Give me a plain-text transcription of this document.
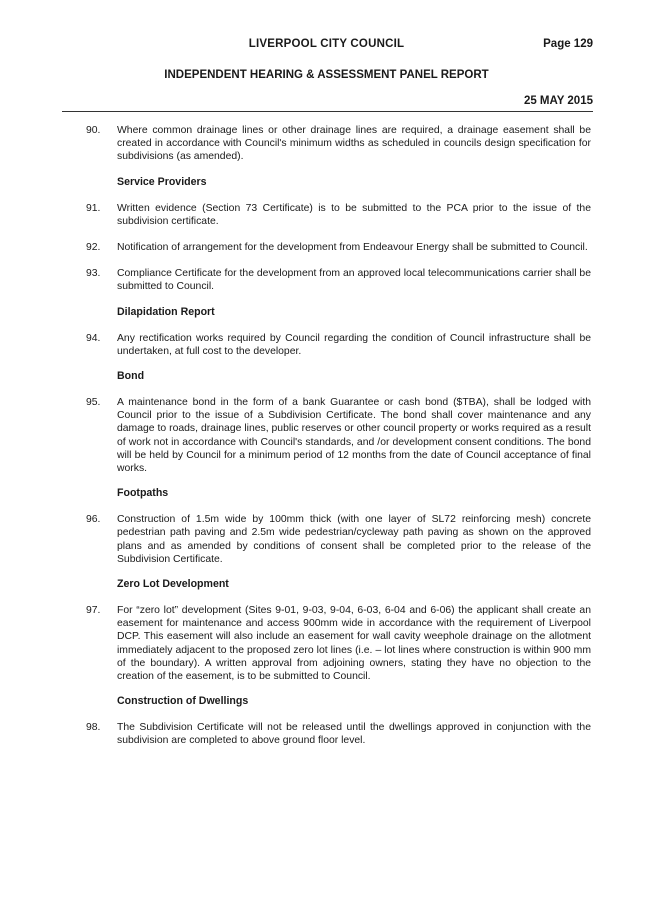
LIVERPOOL CITY COUNCIL	Page 129
INDEPENDENT HEARING & ASSESSMENT PANEL REPORT
25 MAY 2015
90. Where common drainage lines or other drainage lines are required, a drainage easement shall be created in accordance with Council's minimum widths as scheduled in councils design specification for subdivisions (as amended).
Service Providers
91. Written evidence (Section 73 Certificate) is to be submitted to the PCA prior to the issue of the subdivision certificate.
92. Notification of arrangement for the development from Endeavour Energy shall be submitted to Council.
93. Compliance Certificate for the development from an approved local telecommunications carrier shall be submitted to Council.
Dilapidation Report
94. Any rectification works required by Council regarding the condition of Council infrastructure shall be undertaken, at full cost to the developer.
Bond
95. A maintenance bond in the form of a bank Guarantee or cash bond ($TBA), shall be lodged with Council prior to the issue of a Subdivision Certificate. The bond shall cover maintenance and any damage to roads, drainage lines, public reserves or other council property or works required as a result of work not in accordance with Council's standards, and /or development consent conditions. The bond will be held by Council for a minimum period of 12 months from the date of Council acceptance of final works.
Footpaths
96. Construction of 1.5m wide by 100mm thick (with one layer of SL72 reinforcing mesh) concrete pedestrian path paving and 2.5m wide pedestrian/cycleway path paving as shown on the approved plans and as amended by conditions of consent shall be completed prior to the release of the Subdivision Certificate.
Zero Lot Development
97. For “zero lot” development (Sites 9-01, 9-03, 9-04, 6-03, 6-04 and 6-06) the applicant shall create an easement for maintenance and access 900mm wide in accordance with the requirement of Liverpool DCP. This easement will also include an easement for wall cavity weephole drainage on the allotment immediately adjacent to the proposed zero lot lines (i.e. – lot lines where construction is within 900 mm of the boundary). A written approval from adjoining owners, stating they have no objection to the creation of the easement, is to be submitted to Council.
Construction of Dwellings
98. The Subdivision Certificate will not be released until the dwellings approved in conjunction with the subdivision are completed to above ground floor level.
